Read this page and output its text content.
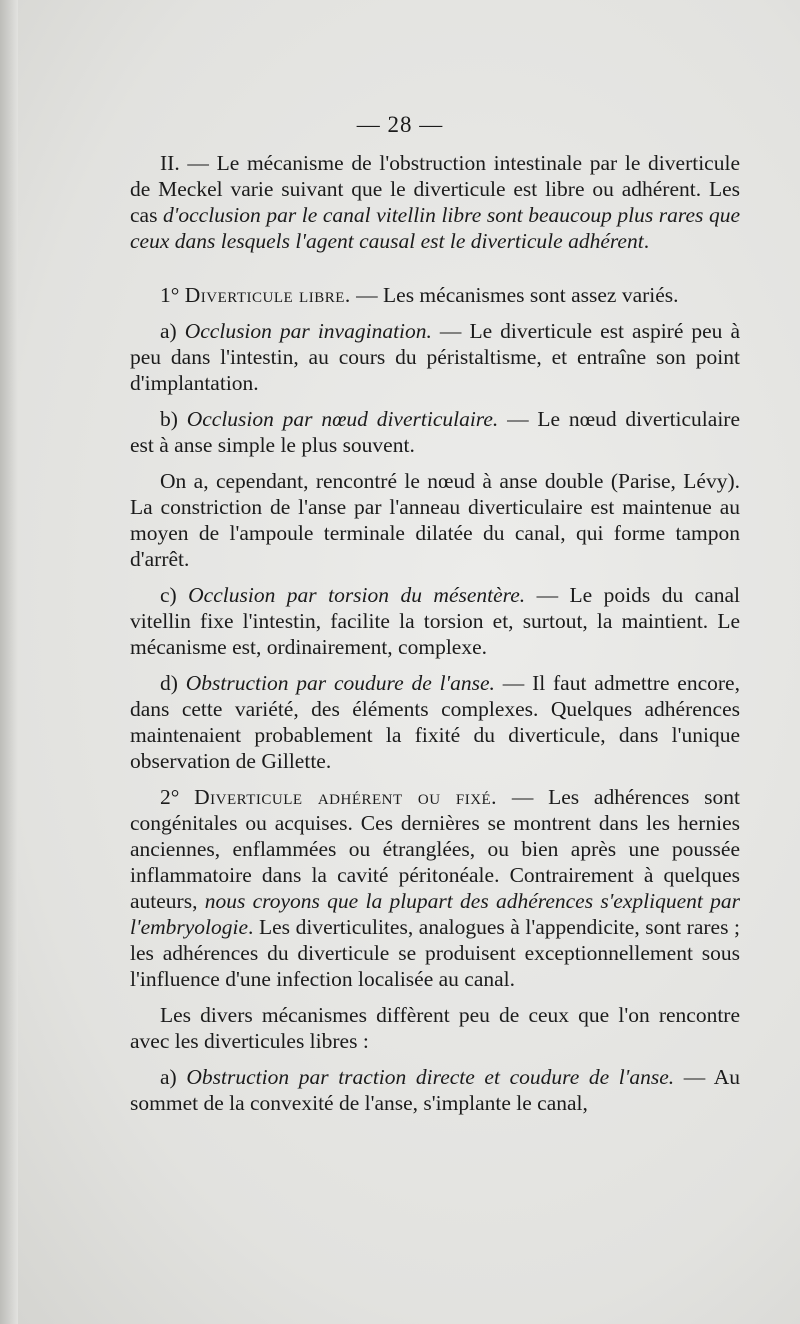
— 28 —

II. — Le mécanisme de l'obstruction intestinale par le diverticule de Meckel varie suivant que le diverticule est libre ou adhérent. Les cas d'occlusion par le canal vitellin libre sont beaucoup plus rares que ceux dans lesquels l'agent causal est le diverticule adhérent.

1° Diverticule libre. — Les mécanismes sont assez variés.

a) Occlusion par invagination. — Le diverticule est aspiré peu à peu dans l'intestin, au cours du péristaltisme, et entraîne son point d'implantation.

b) Occlusion par nœud diverticulaire. — Le nœud diverticulaire est à anse simple le plus souvent.

On a, cependant, rencontré le nœud à anse double (Parise, Lévy). La constriction de l'anse par l'anneau diverticulaire est maintenue au moyen de l'ampoule terminale dilatée du canal, qui forme tampon d'arrêt.

c) Occlusion par torsion du mésentère. — Le poids du canal vitellin fixe l'intestin, facilite la torsion et, surtout, la maintient. Le mécanisme est, ordinairement, complexe.

d) Obstruction par coudure de l'anse. — Il faut admettre encore, dans cette variété, des éléments complexes. Quelques adhérences maintenaient probablement la fixité du diverticule, dans l'unique observation de Gillette.

2° Diverticule adhérent ou fixé. — Les adhérences sont congénitales ou acquises. Ces dernières se montrent dans les hernies anciennes, enflammées ou étranglées, ou bien après une poussée inflammatoire dans la cavité péritonéale. Contrairement à quelques auteurs, nous croyons que la plupart des adhérences s'expliquent par l'embryologie. Les diverticulites, analogues à l'appendicite, sont rares ; les adhérences du diverticule se produisent exceptionnellement sous l'influence d'une infection localisée au canal.

Les divers mécanismes diffèrent peu de ceux que l'on rencontre avec les diverticules libres :

a) Obstruction par traction directe et coudure de l'anse. — Au sommet de la convexité de l'anse, s'implante le canal,
